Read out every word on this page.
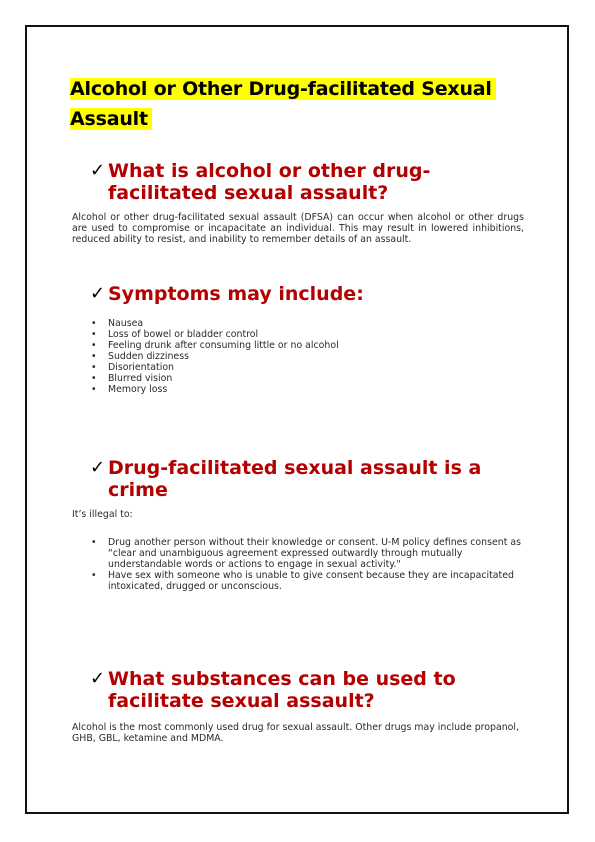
Alcohol or Other Drug-facilitated Sexual Assault
✓ What is alcohol or other drug-facilitated sexual assault?

Alcohol or other drug-facilitated sexual assault (DFSA) can occur when alcohol or other drugs are used to compromise or incapacitate an individual. This may result in lowered inhibitions, reduced ability to resist, and inability to remember details of an assault.

✓ Symptoms may include:
• Nausea
• Loss of bowel or bladder control
• Feeling drunk after consuming little or no alcohol
• Sudden dizziness
• Disorientation
• Blurred vision
• Memory loss
✓ Drug-facilitated sexual assault is a crime

It’s illegal to:

• Drug another person without their knowledge or consent. U-M policy defines consent as “clear and unambiguous agreement expressed outwardly through mutually understandable words or actions to engage in sexual activity."
• Have sex with someone who is unable to give consent because they are incapacitated intoxicated, drugged or unconscious.
✓ What substances can be used to facilitate sexual assault?

Alcohol is the most commonly used drug for sexual assault. Other drugs may include propanol, GHB, GBL, ketamine and MDMA.
